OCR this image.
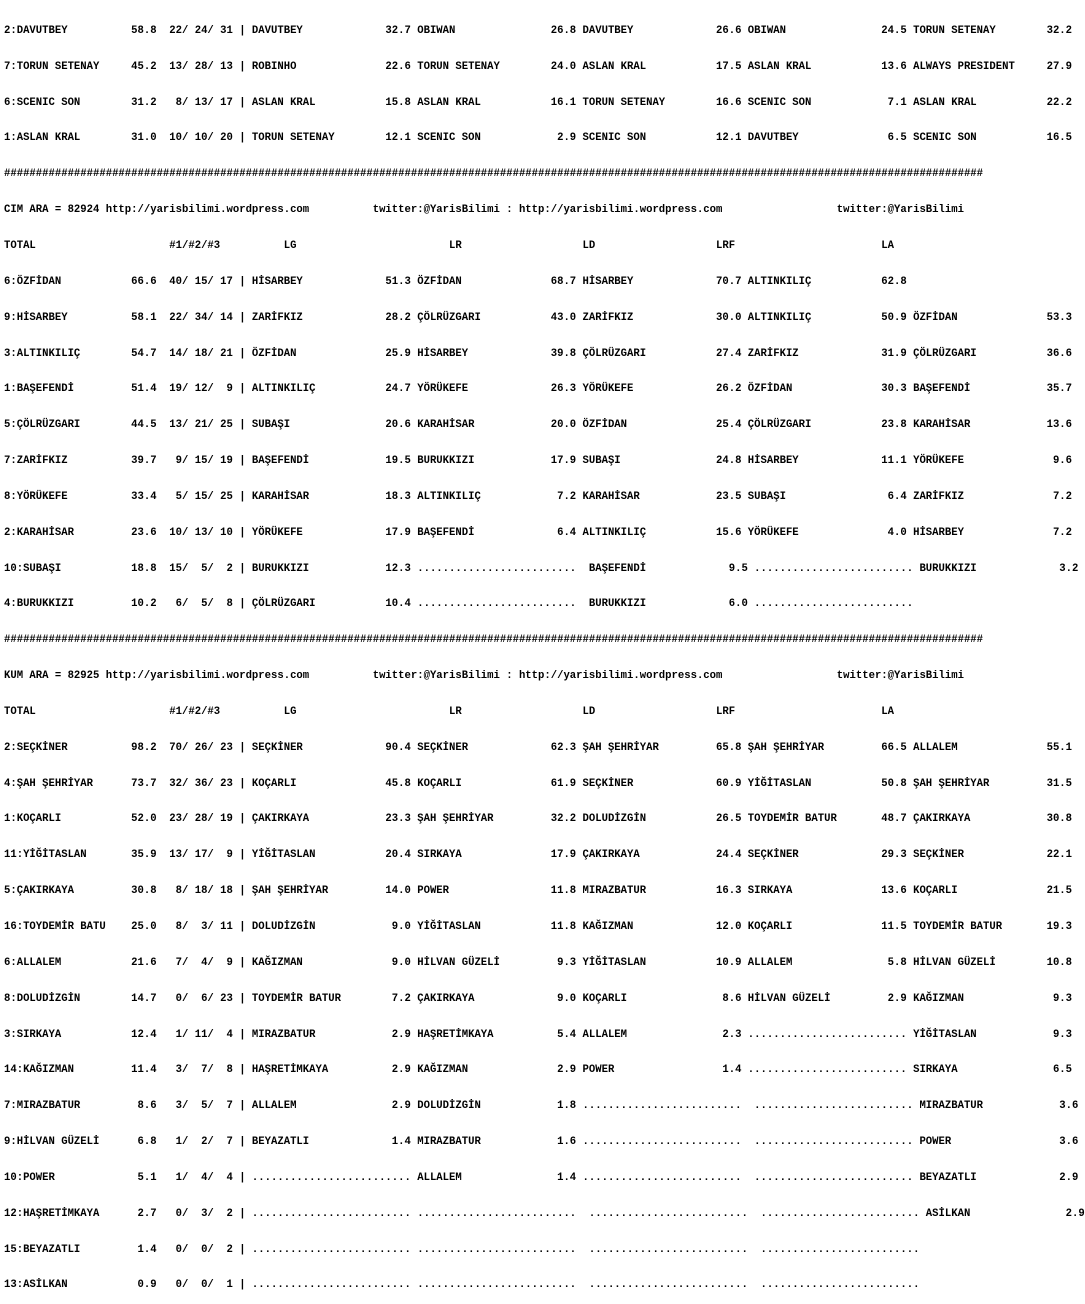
2:DAVUTBEY          58.8  22/ 24/ 31 | DAVUTBEY             32.7 OBIWAN               26.8 DAVUTBEY             26.6 OBIWAN               24.5 TORUN SETENAY        32.2

7:TORUN SETENAY     45.2  13/ 28/ 13 | ROBINHO              22.6 TORUN SETENAY        24.0 ASLAN KRAL           17.5 ASLAN KRAL           13.6 ALWAYS PRESIDENT     27.9

6:SCENIC SON        31.2   8/ 13/ 17 | ASLAN KRAL           15.8 ASLAN KRAL           16.1 TORUN SETENAY        16.6 SCENIC SON            7.1 ASLAN KRAL           22.2

1:ASLAN KRAL        31.0  10/ 10/ 20 | TORUN SETENAY        12.1 SCENIC SON            2.9 SCENIC SON           12.1 DAVUTBEY              6.5 SCENIC SON           16.5

##########################################################################################################################################################

CIM ARA = 82924 http://yarisbilimi.wordpress.com          twitter:@YarisBilimi : http://yarisbilimi.wordpress.com                  twitter:@YarisBilimi

TOTAL                     #1/#2/#3          LG                        LR                   LD                   LRF                       LA

6:ÖZFİDAN           66.6  40/ 15/ 17 | HİSARBEY             51.3 ÖZFİDAN              68.7 HİSARBEY             70.7 ALTINKILIÇ           62.8

9:HİSARBEY          58.1  22/ 34/ 14 | ZARİFKIZ             28.2 ÇÖLRÜZGARI           43.0 ZARİFKIZ             30.0 ALTINKILIÇ           50.9 ÖZFİDAN              53.3

3:ALTINKILIÇ        54.7  14/ 18/ 21 | ÖZFİDAN              25.9 HİSARBEY             39.8 ÇÖLRÜZGARI           27.4 ZARİFKIZ             31.9 ÇÖLRÜZGARI           36.6

1:BAŞEFENDİ         51.4  19/ 12/  9 | ALTINKILIÇ           24.7 YÖRÜKEFE             26.3 YÖRÜKEFE             26.2 ÖZFİDAN              30.3 BAŞEFENDİ            35.7

5:ÇÖLRÜZGARI        44.5  13/ 21/ 25 | SUBAŞI               20.6 KARAHİSAR            20.0 ÖZFİDAN              25.4 ÇÖLRÜZGARI           23.8 KARAHİSAR            13.6

7:ZARİFKIZ          39.7   9/ 15/ 19 | BAŞEFENDİ            19.5 BURUKKIZI            17.9 SUBAŞI               24.8 HİSARBEY             11.1 YÖRÜKEFE              9.6

8:YÖRÜKEFE          33.4   5/ 15/ 25 | KARAHİSAR            18.3 ALTINKILIÇ            7.2 KARAHİSAR            23.5 SUBAŞI                6.4 ZARİFKIZ              7.2

2:KARAHİSAR         23.6  10/ 13/ 10 | YÖRÜKEFE             17.9 BAŞEFENDİ             6.4 ALTINKILIÇ           15.6 YÖRÜKEFE              4.0 HİSARBEY              7.2

10:SUBAŞI           18.8  15/  5/  2 | BURUKKIZI            12.3 .........................  BAŞEFENDİ             9.5 ......................... BURUKKIZI             3.2

4:BURUKKIZI         10.2   6/  5/  8 | ÇÖLRÜZGARI           10.4 .........................  BURUKKIZI             6.0 .........................

##########################################################################################################################################################

KUM ARA = 82925 http://yarisbilimi.wordpress.com          twitter:@YarisBilimi : http://yarisbilimi.wordpress.com                  twitter:@YarisBilimi

TOTAL                     #1/#2/#3          LG                        LR                   LD                   LRF                       LA

2:SEÇKİNER          98.2  70/ 26/ 23 | SEÇKİNER             90.4 SEÇKİNER             62.3 ŞAH ŞEHRİYAR         65.8 ŞAH ŞEHRİYAR         66.5 ALLALEM              55.1

4:ŞAH ŞEHRİYAR      73.7  32/ 36/ 23 | KOÇARLI              45.8 KOÇARLI              61.9 SEÇKİNER             60.9 YİĞİTASLAN           50.8 ŞAH ŞEHRİYAR         31.5

1:KOÇARLI           52.0  23/ 28/ 19 | ÇAKIRKAYA            23.3 ŞAH ŞEHRİYAR         32.2 DOLUDİZGİN           26.5 TOYDEMİR BATUR       48.7 ÇAKIRKAYA            30.8

11:YİĞİTASLAN       35.9  13/ 17/  9 | YİĞİTASLAN           20.4 SIRKAYA              17.9 ÇAKIRKAYA            24.4 SEÇKİNER             29.3 SEÇKİNER             22.1

5:ÇAKIRKAYA         30.8   8/ 18/ 18 | ŞAH ŞEHRİYAR         14.0 POWER                11.8 MIRAZBATUR           16.3 SIRKAYA              13.6 KOÇARLI              21.5

16:TOYDEMİR BATU    25.0   8/  3/ 11 | DOLUDİZGİN            9.0 YİĞİTASLAN           11.8 KAĞIZMAN             12.0 KOÇARLI              11.5 TOYDEMİR BATUR       19.3

6:ALLALEM           21.6   7/  4/  9 | KAĞIZMAN              9.0 HİLVAN GÜZELİ         9.3 YİĞİTASLAN           10.9 ALLALEM               5.8 HİLVAN GÜZELİ        10.8

8:DOLUDİZGİN        14.7   0/  6/ 23 | TOYDEMİR BATUR        7.2 ÇAKIRKAYA             9.0 KOÇARLI               8.6 HİLVAN GÜZELİ         2.9 KAĞIZMAN              9.3

3:SIRKAYA           12.4   1/ 11/  4 | MIRAZBATUR            2.9 HAŞRETİMKAYA          5.4 ALLALEM               2.3 ......................... YİĞİTASLAN            9.3

14:KAĞIZMAN         11.4   3/  7/  8 | HAŞRETİMKAYA          2.9 KAĞIZMAN              2.9 POWER                 1.4 ......................... SIRKAYA               6.5

7:MIRAZBATUR         8.6   3/  5/  7 | ALLALEM               2.9 DOLUDİZGİN            1.8 .........................  ......................... MIRAZBATUR            3.6

9:HİLVAN GÜZELİ      6.8   1/  2/  7 | BEYAZATLI             1.4 MIRAZBATUR            1.6 .........................  ......................... POWER                 3.6

10:POWER             5.1   1/  4/  4 | ......................... ALLALEM               1.4 .........................  ......................... BEYAZATLI             2.9

12:HAŞRETİMKAYA      2.7   0/  3/  2 | ......................... .........................  .........................  ......................... ASİLKAN               2.9

15:BEYAZATLI         1.4   0/  0/  2 | ......................... .........................  .........................  .........................

13:ASİLKAN           0.9   0/  0/  1 | ......................... .........................  .........................  .........................
